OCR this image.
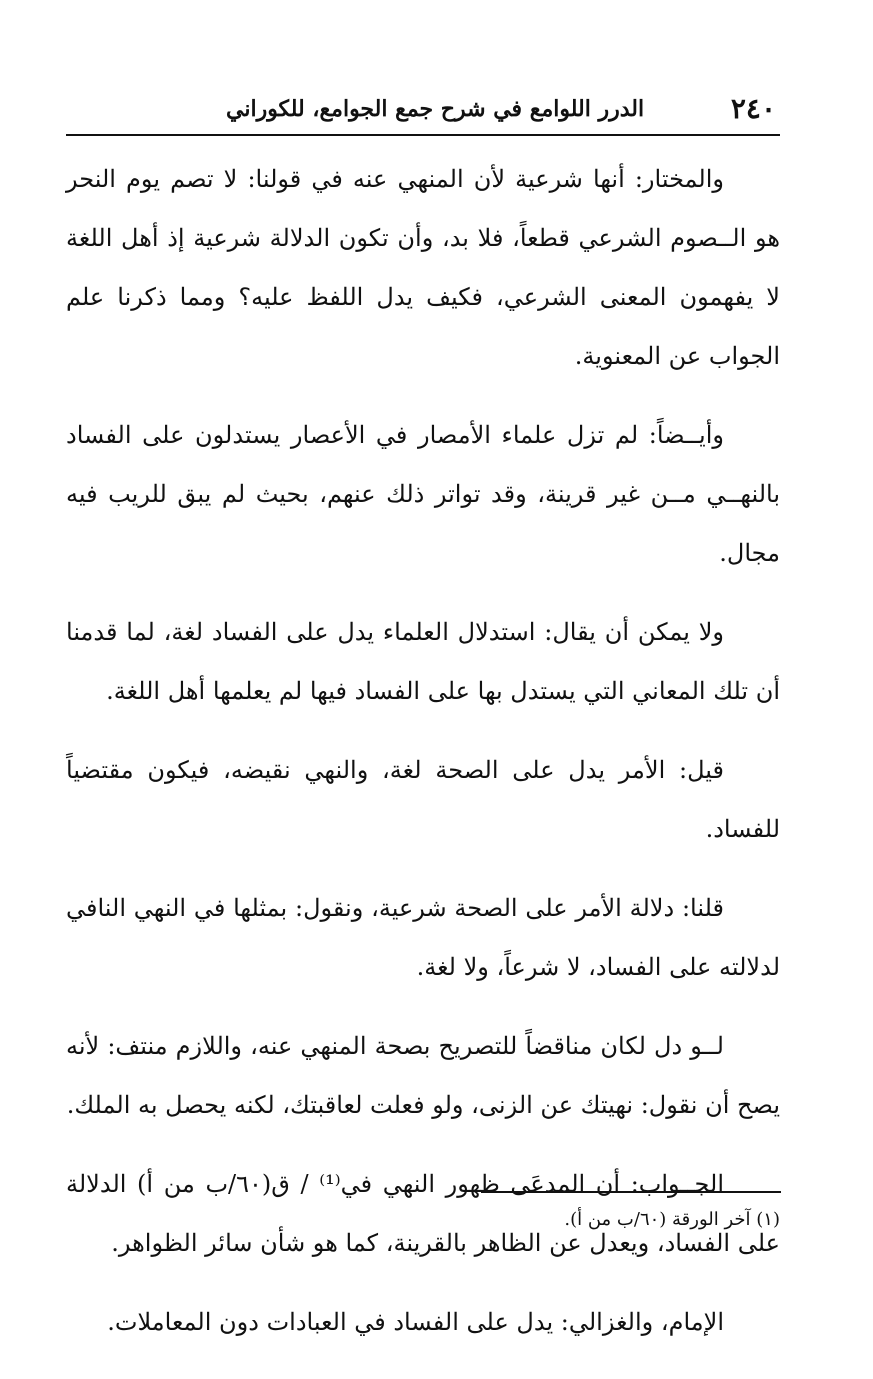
٢٤٠
الدرر اللوامع في شرح جمع الجوامع، للكوراني

والمختار: أنها شرعية لأن المنهي عنه في قولنا: لا تصم يوم النحر هو الــصوم الشرعي قطعاً، فلا بد، وأن تكون الدلالة شرعية إذ أهل اللغة لا يفهمون المعنى الشرعي، فكيف يدل اللفظ عليه؟ ومما ذكرنا علم الجواب عن المعنوية.

وأيــضاً: لم تزل علماء الأمصار في الأعصار يستدلون على الفساد بالنهــي مــن غير قرينة، وقد تواتر ذلك عنهم، بحيث لم يبق للريب فيه مجال.

ولا يمكن أن يقال: استدلال العلماء يدل على الفساد لغة، لما قدمنا أن تلك المعاني التي يستدل بها على الفساد فيها لم يعلمها أهل اللغة.

قيل: الأمر يدل على الصحة لغة، والنهي نقيضه، فيكون مقتضياً للفساد.

قلنا: دلالة الأمر على الصحة شرعية، ونقول: بمثلها في النهي النافي لدلالته على الفساد، لا شرعاً، ولا لغة.

لــو دل لكان مناقضاً للتصريح بصحة المنهي عنه، واللازم منتف: لأنه يصح أن نقول: نهيتك عن الزنى، ولو فعلت لعاقبتك، لكنه يحصل به الملك.

الجــواب: أن المدعَى ظهور النهي في⁽¹⁾ / ق(٦٠/ب من أ) الدلالة على الفساد، ويعدل عن الظاهر بالقرينة، كما هو شأن سائر الظواهر.

الإمام، والغزالي: يدل على الفساد في العبادات دون المعاملات.

(١) آخر الورقة (٦٠/ب من أ).
